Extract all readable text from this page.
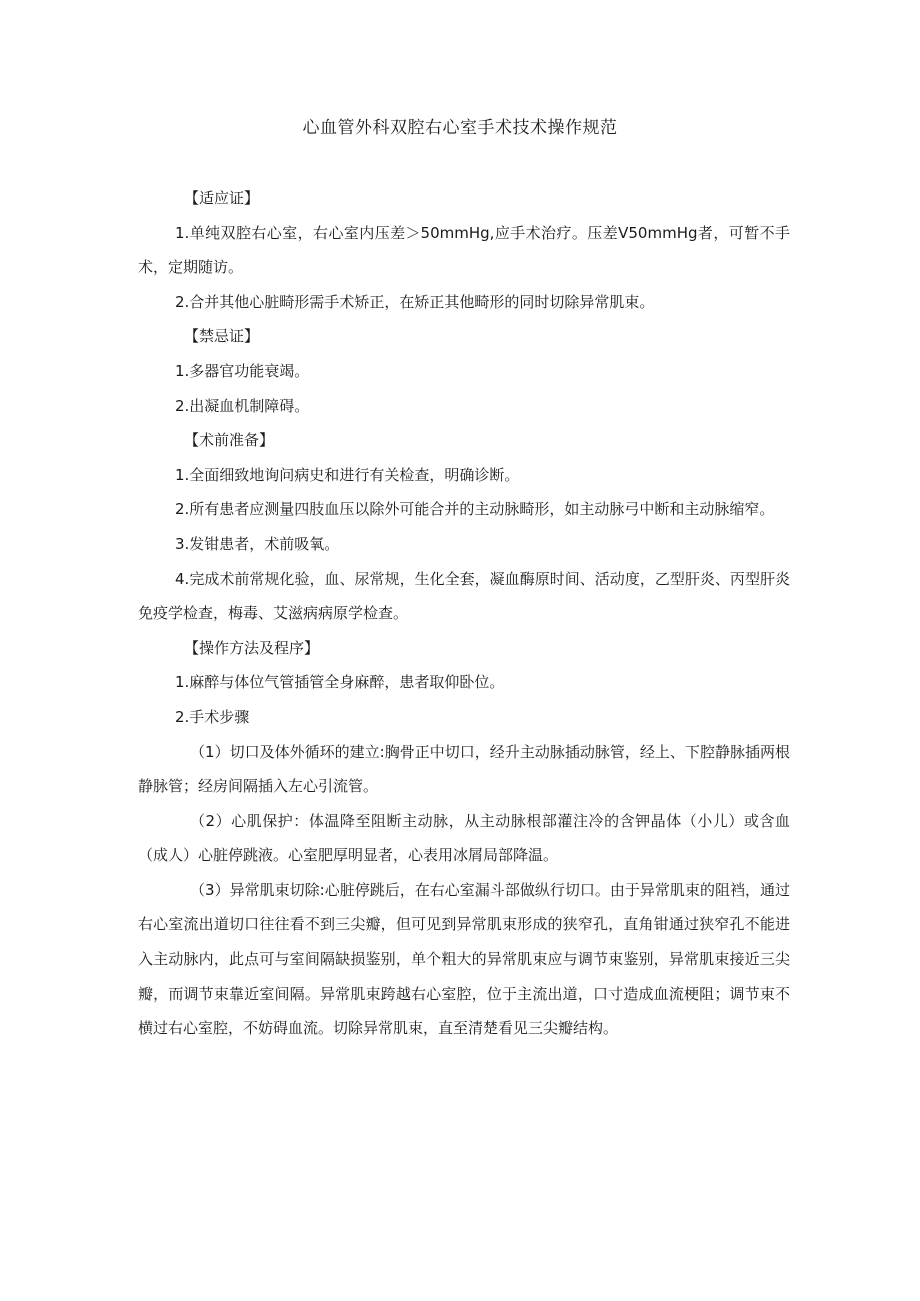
心血管外科双腔右心室手术技术操作规范

【适应证】

1.单纯双腔右心室，右心室内压差＞50mmHg,应手术治疗。压差V50mmHg者，可暂不手术，定期随访。

2.合并其他心脏畸形需手术矫正，在矫正其他畸形的同时切除异常肌束。

【禁忌证】

1.多器官功能衰竭。

2.出凝血机制障碍。

【术前准备】

1.全面细致地询问病史和进行有关检查，明确诊断。

2.所有患者应测量四肢血压以除外可能合并的主动脉畸形，如主动脉弓中断和主动脉缩窄。

3.发钳患者，术前吸氧。

4.完成术前常规化验，血、尿常规，生化全套，凝血酶原时间、活动度，乙型肝炎、丙型肝炎免疫学检查，梅毒、艾滋病病原学检查。

【操作方法及程序】

1.麻醉与体位气管插管全身麻醉，患者取仰卧位。

2.手术步骤

（1）切口及体外循环的建立:胸骨正中切口，经升主动脉插动脉管，经上、下腔静脉插两根静脉管；经房间隔插入左心引流管。

（2）心肌保护：体温降至阻断主动脉，从主动脉根部灌注冷的含钾晶体（小儿）或含血（成人）心脏停跳液。心室肥厚明显者，心表用冰屑局部降温。

（3）异常肌束切除:心脏停跳后，在右心室漏斗部做纵行切口。由于异常肌束的阻裆，通过右心室流出道切口往往看不到三尖瓣，但可见到异常肌束形成的狭窄孔，直角钳通过狭窄孔不能进入主动脉内，此点可与室间隔缺损鉴别，单个粗大的异常肌束应与调节束鉴别，异常肌束接近三尖瓣，而调节束靠近室间隔。异常肌束跨越右心室腔，位于主流出道，口寸造成血流梗阻；调节束不横过右心室腔，不妨碍血流。切除异常肌束，直至清楚看见三尖瓣结构。
